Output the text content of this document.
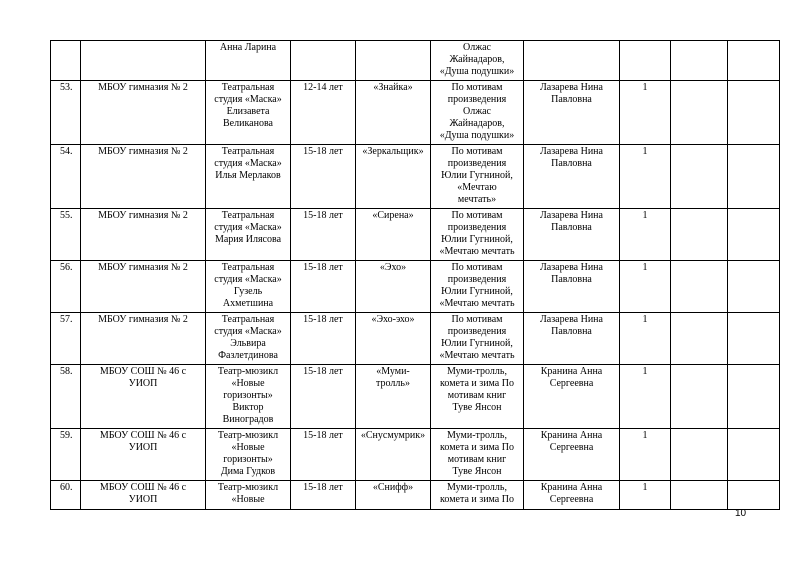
		Анна Ларина			Олжас
Жайнадаров,
«Душа подушки»				
53.	МБОУ гимназия № 2	Театральная
студия «Маска»
Елизавета
Великанова	12-14 лет	«Знайка»	По мотивам
произведения
Олжас
Жайнадаров,
«Душа подушки»	Лазарева Нина
Павловна	1		
54.	МБОУ гимназия № 2	Театральная
студия «Маска»
Илья Мерлаков	15-18 лет	«Зеркальщик»	По мотивам
произведения
Юлии Гугниной,
«Мечтаю
мечтать»	Лазарева Нина
Павловна	1		
55.	МБОУ гимназия № 2	Театральная
студия «Маска»
Мария Илясова	15-18 лет	«Сирена»	По мотивам
произведения
Юлии Гугниной,
«Мечтаю мечтать	Лазарева Нина
Павловна	1		
56.	МБОУ гимназия № 2	Театральная
студия «Маска»
Гузель
Ахметшина	15-18 лет	«Эхо»	По мотивам
произведения
Юлии Гугниной,
«Мечтаю мечтать	Лазарева Нина
Павловна	1		
57.	МБОУ гимназия № 2	Театральная
студия «Маска»
Эльвира
Фазлетдинова	15-18 лет	«Эхо-эхо»	По мотивам
произведения
Юлии Гугниной,
«Мечтаю мечтать	Лазарева Нина
Павловна	1		
58.	МБОУ СОШ № 46 с
УИОП	Театр-мюзикл
«Новые
горизонты»
Виктор
Виноградов	15-18 лет	«Муми-
тролль»	Муми-тролль,
комета и зима По
мотивам книг
Туве Янсон	Кранина Анна
Сергеевна	1		
59.	МБОУ СОШ № 46 с
УИОП	Театр-мюзикл
«Новые
горизонты»
Дима Гудков	15-18 лет	«Снусмумрик»	Муми-тролль,
комета и зима По
мотивам книг
Туве Янсон	Кранина Анна
Сергеевна	1		
60.	МБОУ СОШ № 46 с
УИОП	Театр-мюзикл
«Новые	15-18 лет	«Снифф»	Муми-тролль,
комета и зима По	Кранина Анна
Сергеевна	1		
10
